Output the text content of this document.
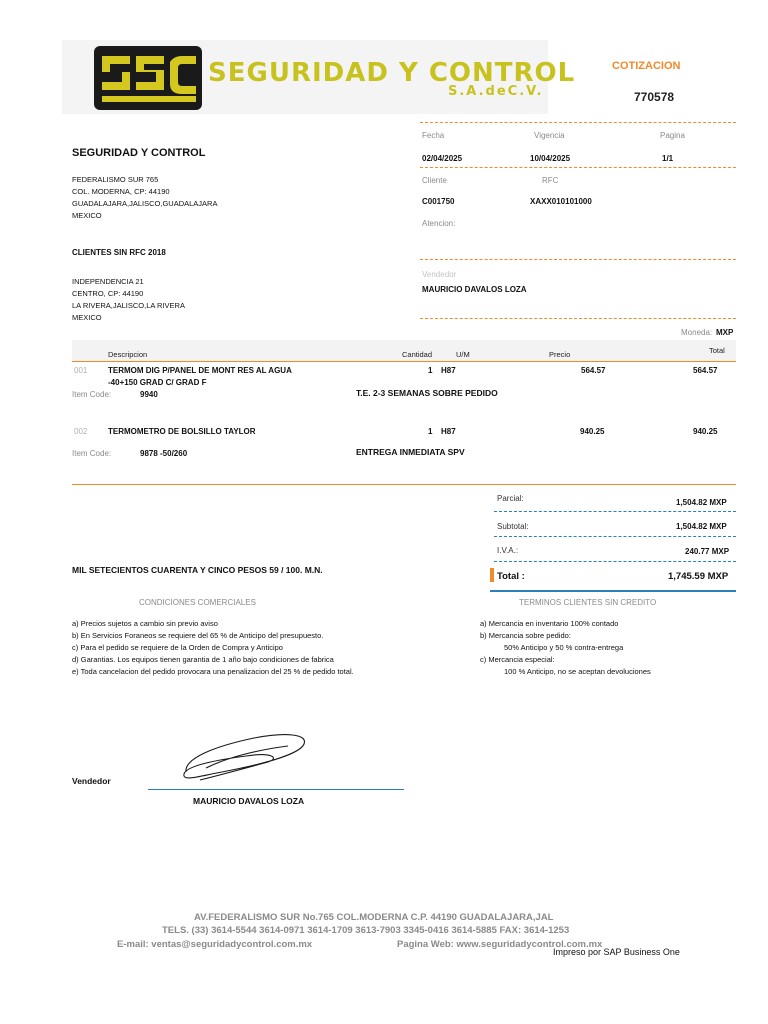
SEGURIDAD Y CONTROL
S.A.deC.V.
COTIZACION
770578
Fecha	Vigencia	Pagina
02/04/2025	10/04/2025	1/1
Cliente	RFC
C001750	XAXX010101000
Atencion:
Vendedor
MAURICIO DAVALOS LOZA
Moneda: MXP
SEGURIDAD Y CONTROL
FEDERALISMO SUR 765
COL. MODERNA, CP: 44190
GUADALAJARA,JALISCO,GUADALAJARA
MEXICO
CLIENTES SIN RFC 2018
INDEPENDENCIA 21
CENTRO, CP: 44190
LA RIVERA,JALISCO,LA RIVERA
MEXICO
Descripcion	Cantidad	U/M	Precio	Total
001	TERMOM DIG P/PANEL DE MONT RES AL AGUA
-40+150 GRAD C/ GRAD F
1 H87	564.57	564.57
Item Code:	9940	T.E. 2-3 SEMANAS SOBRE PEDIDO
002	TERMOMETRO DE BOLSILLO TAYLOR	1 H87	940.25	940.25
Item Code:	9878 -50/260	ENTREGA INMEDIATA SPV
Parcial:	1,504.82 MXP
Subtotal:	1,504.82 MXP
I.V.A.:	240.77 MXP
Total :	1,745.59 MXP
MIL SETECIENTOS CUARENTA Y CINCO PESOS 59 / 100. M.N.
CONDICIONES COMERCIALES
a) Precios sujetos a cambio sin previo aviso
b) En Servicios Foraneos se requiere del 65 % de Anticipo del presupuesto.
c) Para el pedido se requiere de la Orden de Compra y Anticipo
d) Garantias. Los equipos tienen garantia de 1 año bajo condiciones de fabrica
e) Toda cancelacion del pedido provocara una penalizacion del 25 % de pedido total.
TERMINOS CLIENTES SIN CREDITO
a) Mercancia en inventario 100% contado
b) Mercancia sobre pedido:
50% Anticipo y 50 % contra-entrega
c) Mercancia especial:
100 % Anticipo, no se aceptan devoluciones
Vendedor
MAURICIO DAVALOS LOZA
AV.FEDERALISMO SUR No.765 COL.MODERNA C.P. 44190 GUADALAJARA,JAL
TELS. (33) 3614-5544 3614-0971 3614-1709 3613-7903 3345-0416 3614-5885 FAX: 3614-1253
E-mail: ventas@seguridadycontrol.com.mx	Pagina Web: www.seguridadycontrol.com.mx
Impreso por SAP Business One
